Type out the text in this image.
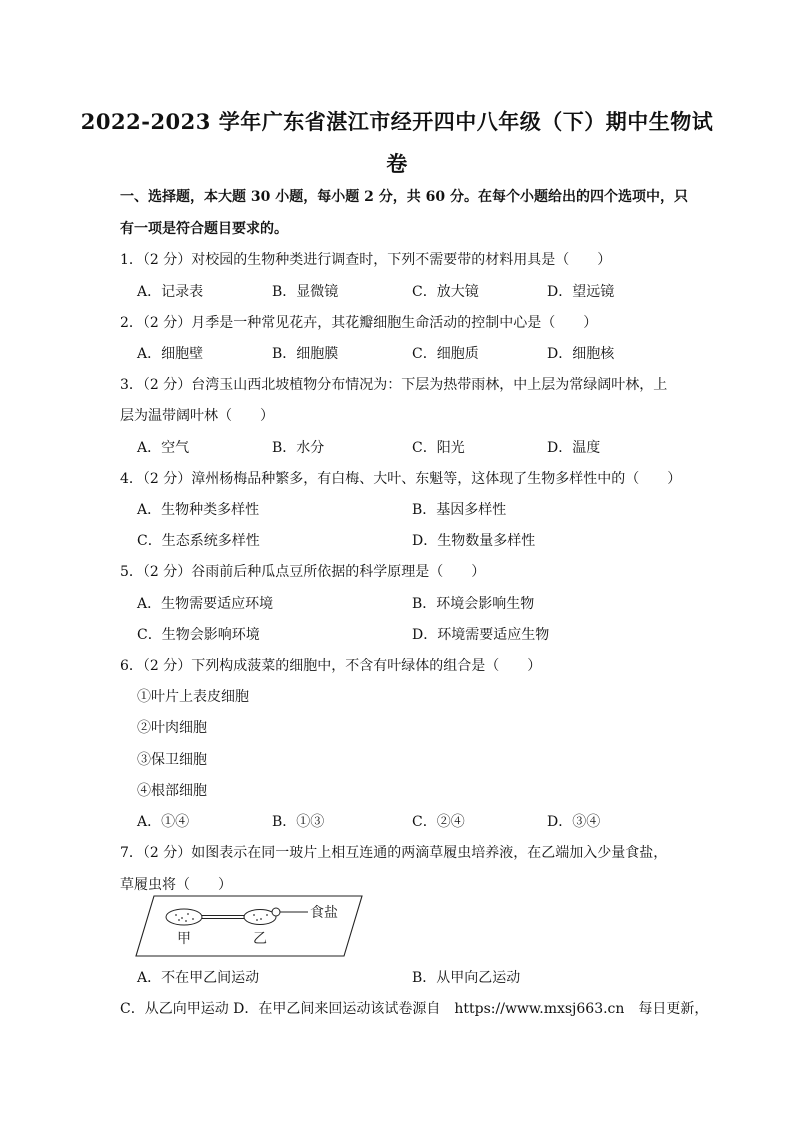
2022-2023 学年广东省湛江市经开四中八年级（下）期中生物试
卷
一、选择题，本大题 30 小题，每小题 2 分，共 60 分。在每个小题给出的四个选项中，只
有一项是符合题目要求的。
1．（2 分）对校园的生物种类进行调查时，下列不需要带的材料用具是（　　）
A．记录表	B．显微镜	C．放大镜	D．望远镜
2．（2 分）月季是一种常见花卉，其花瓣细胞生命活动的控制中心是（　　）
A．细胞壁	B．细胞膜	C．细胞质	D．细胞核
3．（2 分）台湾玉山西北坡植物分布情况为：下层为热带雨林，中上层为常绿阔叶林，上
层为温带阔叶林（　　）
A．空气	B．水分	C．阳光	D．温度
4．（2 分）漳州杨梅品种繁多，有白梅、大叶、东魁等，这体现了生物多样性中的（　　）
A．生物种类多样性	B．基因多样性
C．生态系统多样性	D．生物数量多样性
5．（2 分）谷雨前后种瓜点豆所依据的科学原理是（　　）
A．生物需要适应环境	B．环境会影响生物
C．生物会影响环境	D．环境需要适应生物
6．（2 分）下列构成菠菜的细胞中，不含有叶绿体的组合是（　　）
①叶片上表皮细胞
②叶肉细胞
③保卫细胞
④根部细胞
A．①④	B．①③	C．②④	D．③④
7．（2 分）如图表示在同一玻片上相互连通的两滴草履虫培养液，在乙端加入少量食盐，
草履虫将（　　）
食盐
甲	乙
A．不在甲乙间运动	B．从甲向乙运动
C．从乙向甲运动 D．在甲乙间来回运动该试卷源自　https://www.mxsj663.cn　每日更新，
